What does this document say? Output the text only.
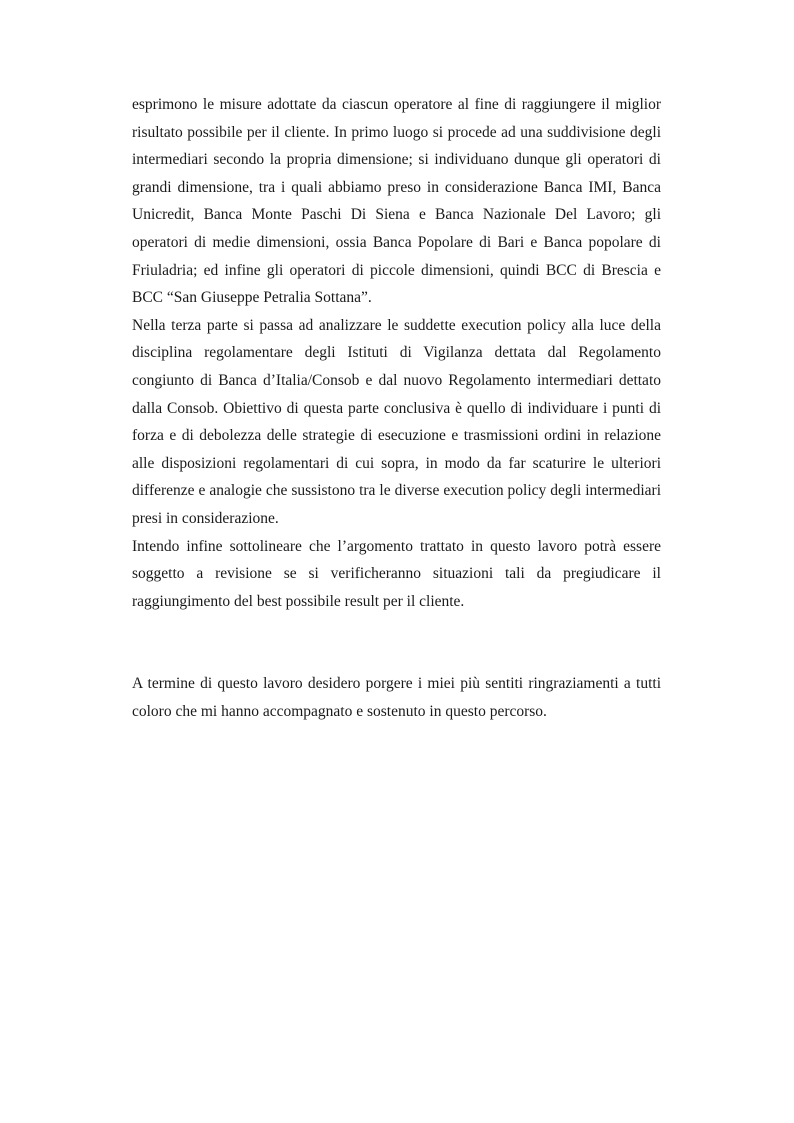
esprimono le misure adottate da ciascun operatore al fine di raggiungere il miglior risultato possibile per il cliente. In primo luogo si procede ad una suddivisione degli intermediari secondo la propria dimensione; si individuano dunque gli operatori di grandi dimensione, tra i quali abbiamo preso in considerazione Banca IMI, Banca Unicredit, Banca Monte Paschi Di Siena e Banca Nazionale Del Lavoro; gli operatori di medie dimensioni, ossia Banca Popolare di Bari e Banca popolare di Friuladria; ed infine gli operatori di piccole dimensioni, quindi BCC di Brescia e BCC “San Giuseppe Petralia Sottana”.

Nella terza parte si passa ad analizzare le suddette execution policy alla luce della disciplina regolamentare degli Istituti di Vigilanza dettata dal Regolamento congiunto di Banca d’Italia/Consob e dal nuovo Regolamento intermediari dettato dalla Consob. Obiettivo di questa parte conclusiva è quello di individuare i punti di forza e di debolezza delle strategie di esecuzione e trasmissioni ordini in relazione alle disposizioni regolamentari di cui sopra, in modo da far scaturire le ulteriori differenze e analogie che sussistono tra le diverse execution policy degli intermediari presi in considerazione.

Intendo infine sottolineare che l’argomento trattato in questo lavoro potrà essere soggetto a revisione se si verificheranno situazioni tali da pregiudicare il raggiungimento del best possibile result per il cliente.

A termine di questo lavoro desidero porgere i miei più sentiti ringraziamenti a tutti coloro che mi hanno accompagnato e sostenuto in questo percorso.
